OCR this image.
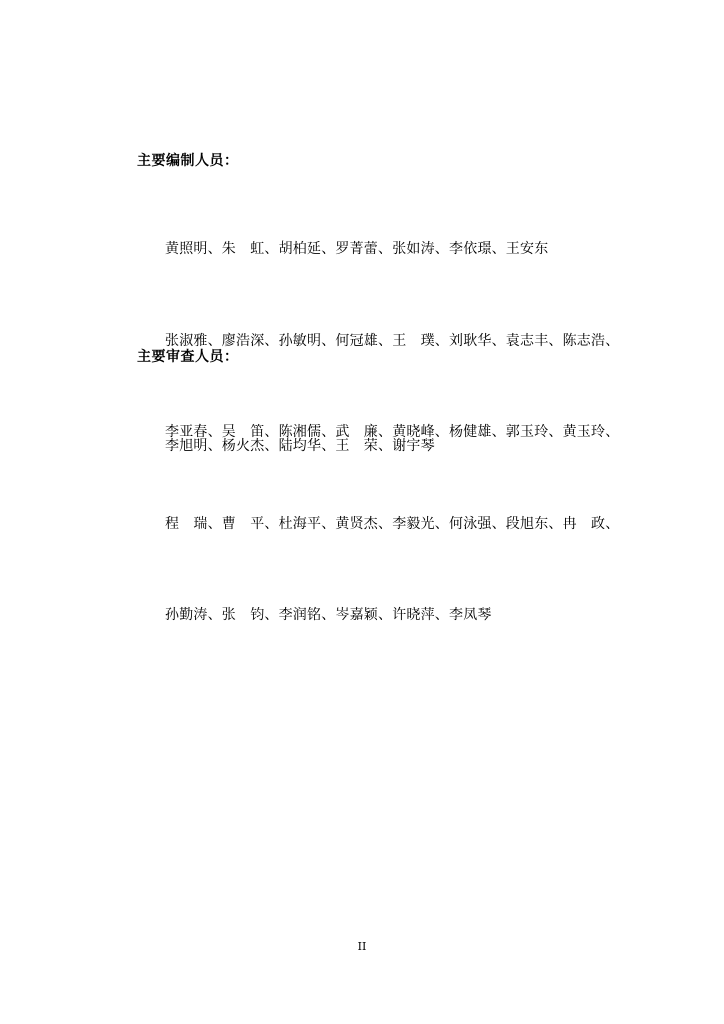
主要编制人员：

黄照明、朱　虹、胡柏延、罗菁蕾、张如涛、李依璟、王安东

张淑雅、廖浩深、孙敏明、何冠雄、王　璞、刘耿华、袁志丰、陈志浩、

李亚春、吴　笛、陈湘儒、武　廉、黄晓峰、杨健雄、郭玉玲、黄玉玲、

程　瑞、曹　平、杜海平、黄贤杰、李毅光、何泳强、段旭东、冉　政、

孙勤涛、张　钧、李润铭、岑嘉颖、许晓萍、李凤琴

主要审查人员：

李旭明、杨火杰、陆均华、王　荣、谢宇琴

II
